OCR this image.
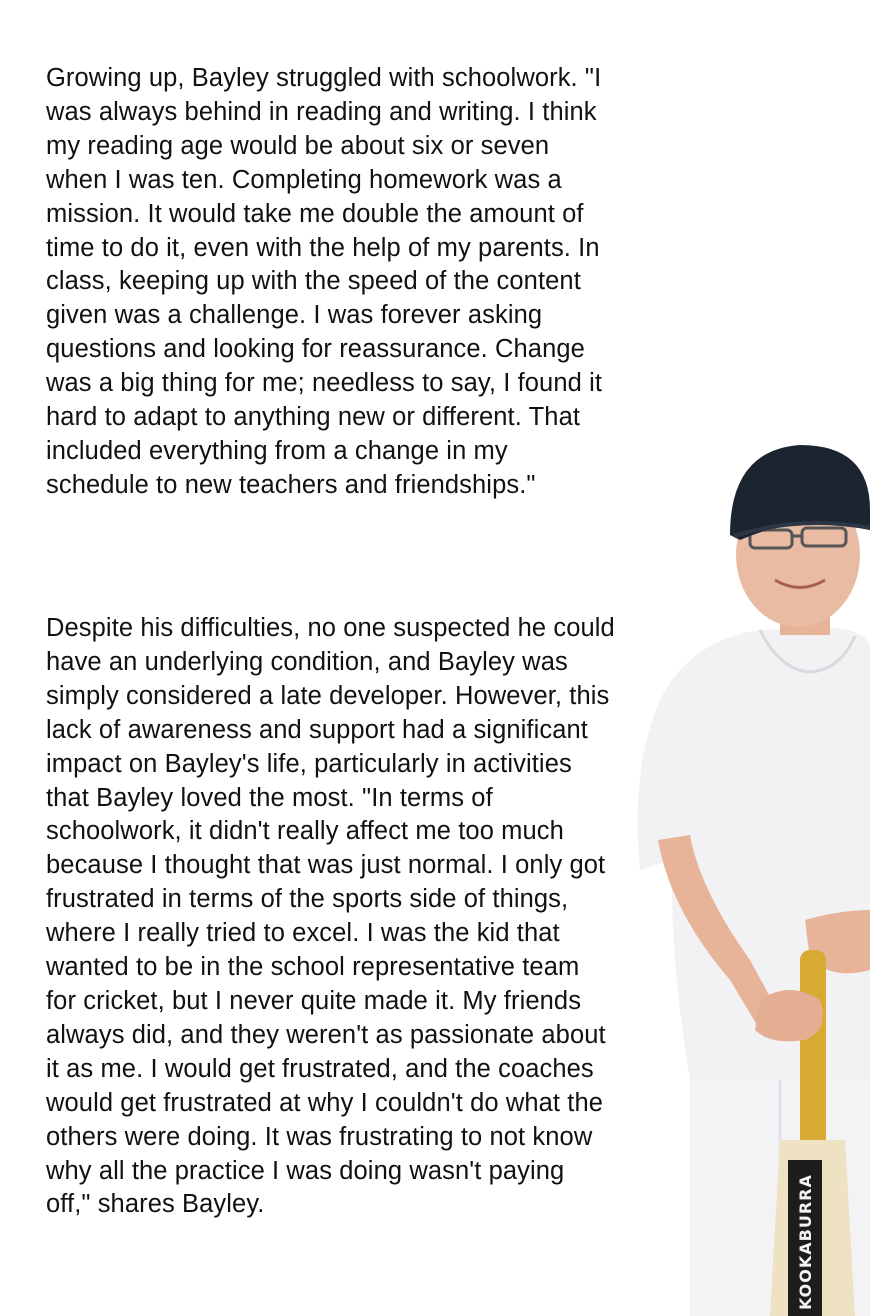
Growing up, Bayley struggled with schoolwork. "I was always behind in reading and writing. I think my reading age would be about six or seven when I was ten. Completing homework was a mission. It would take me double the amount of time to do it, even with the help of my parents. In class, keeping up with the speed of the content given was a challenge. I was forever asking questions and looking for reassurance. Change was a big thing for me; needless to say, I found it hard to adapt to anything new or different. That included everything from a change in my schedule to new teachers and friendships."

Despite his difficulties, no one suspected he could have an underlying condition, and Bayley was simply considered a late developer. However, this lack of awareness and support had a significant impact on Bayley's life, particularly in activities that Bayley loved the most. "In terms of schoolwork, it didn't really affect me too much because I thought that was just normal. I only got frustrated in terms of the sports side of things, where I really tried to excel. I was the kid that wanted to be in the school representative team for cricket, but I never quite made it. My friends always did, and they weren't as passionate about it as me. I would get frustrated, and the coaches would get frustrated at why I couldn't do what the others were doing. It was frustrating to not know why all the practice I was doing wasn't paying off," shares Bayley.	KOOKABURRA
